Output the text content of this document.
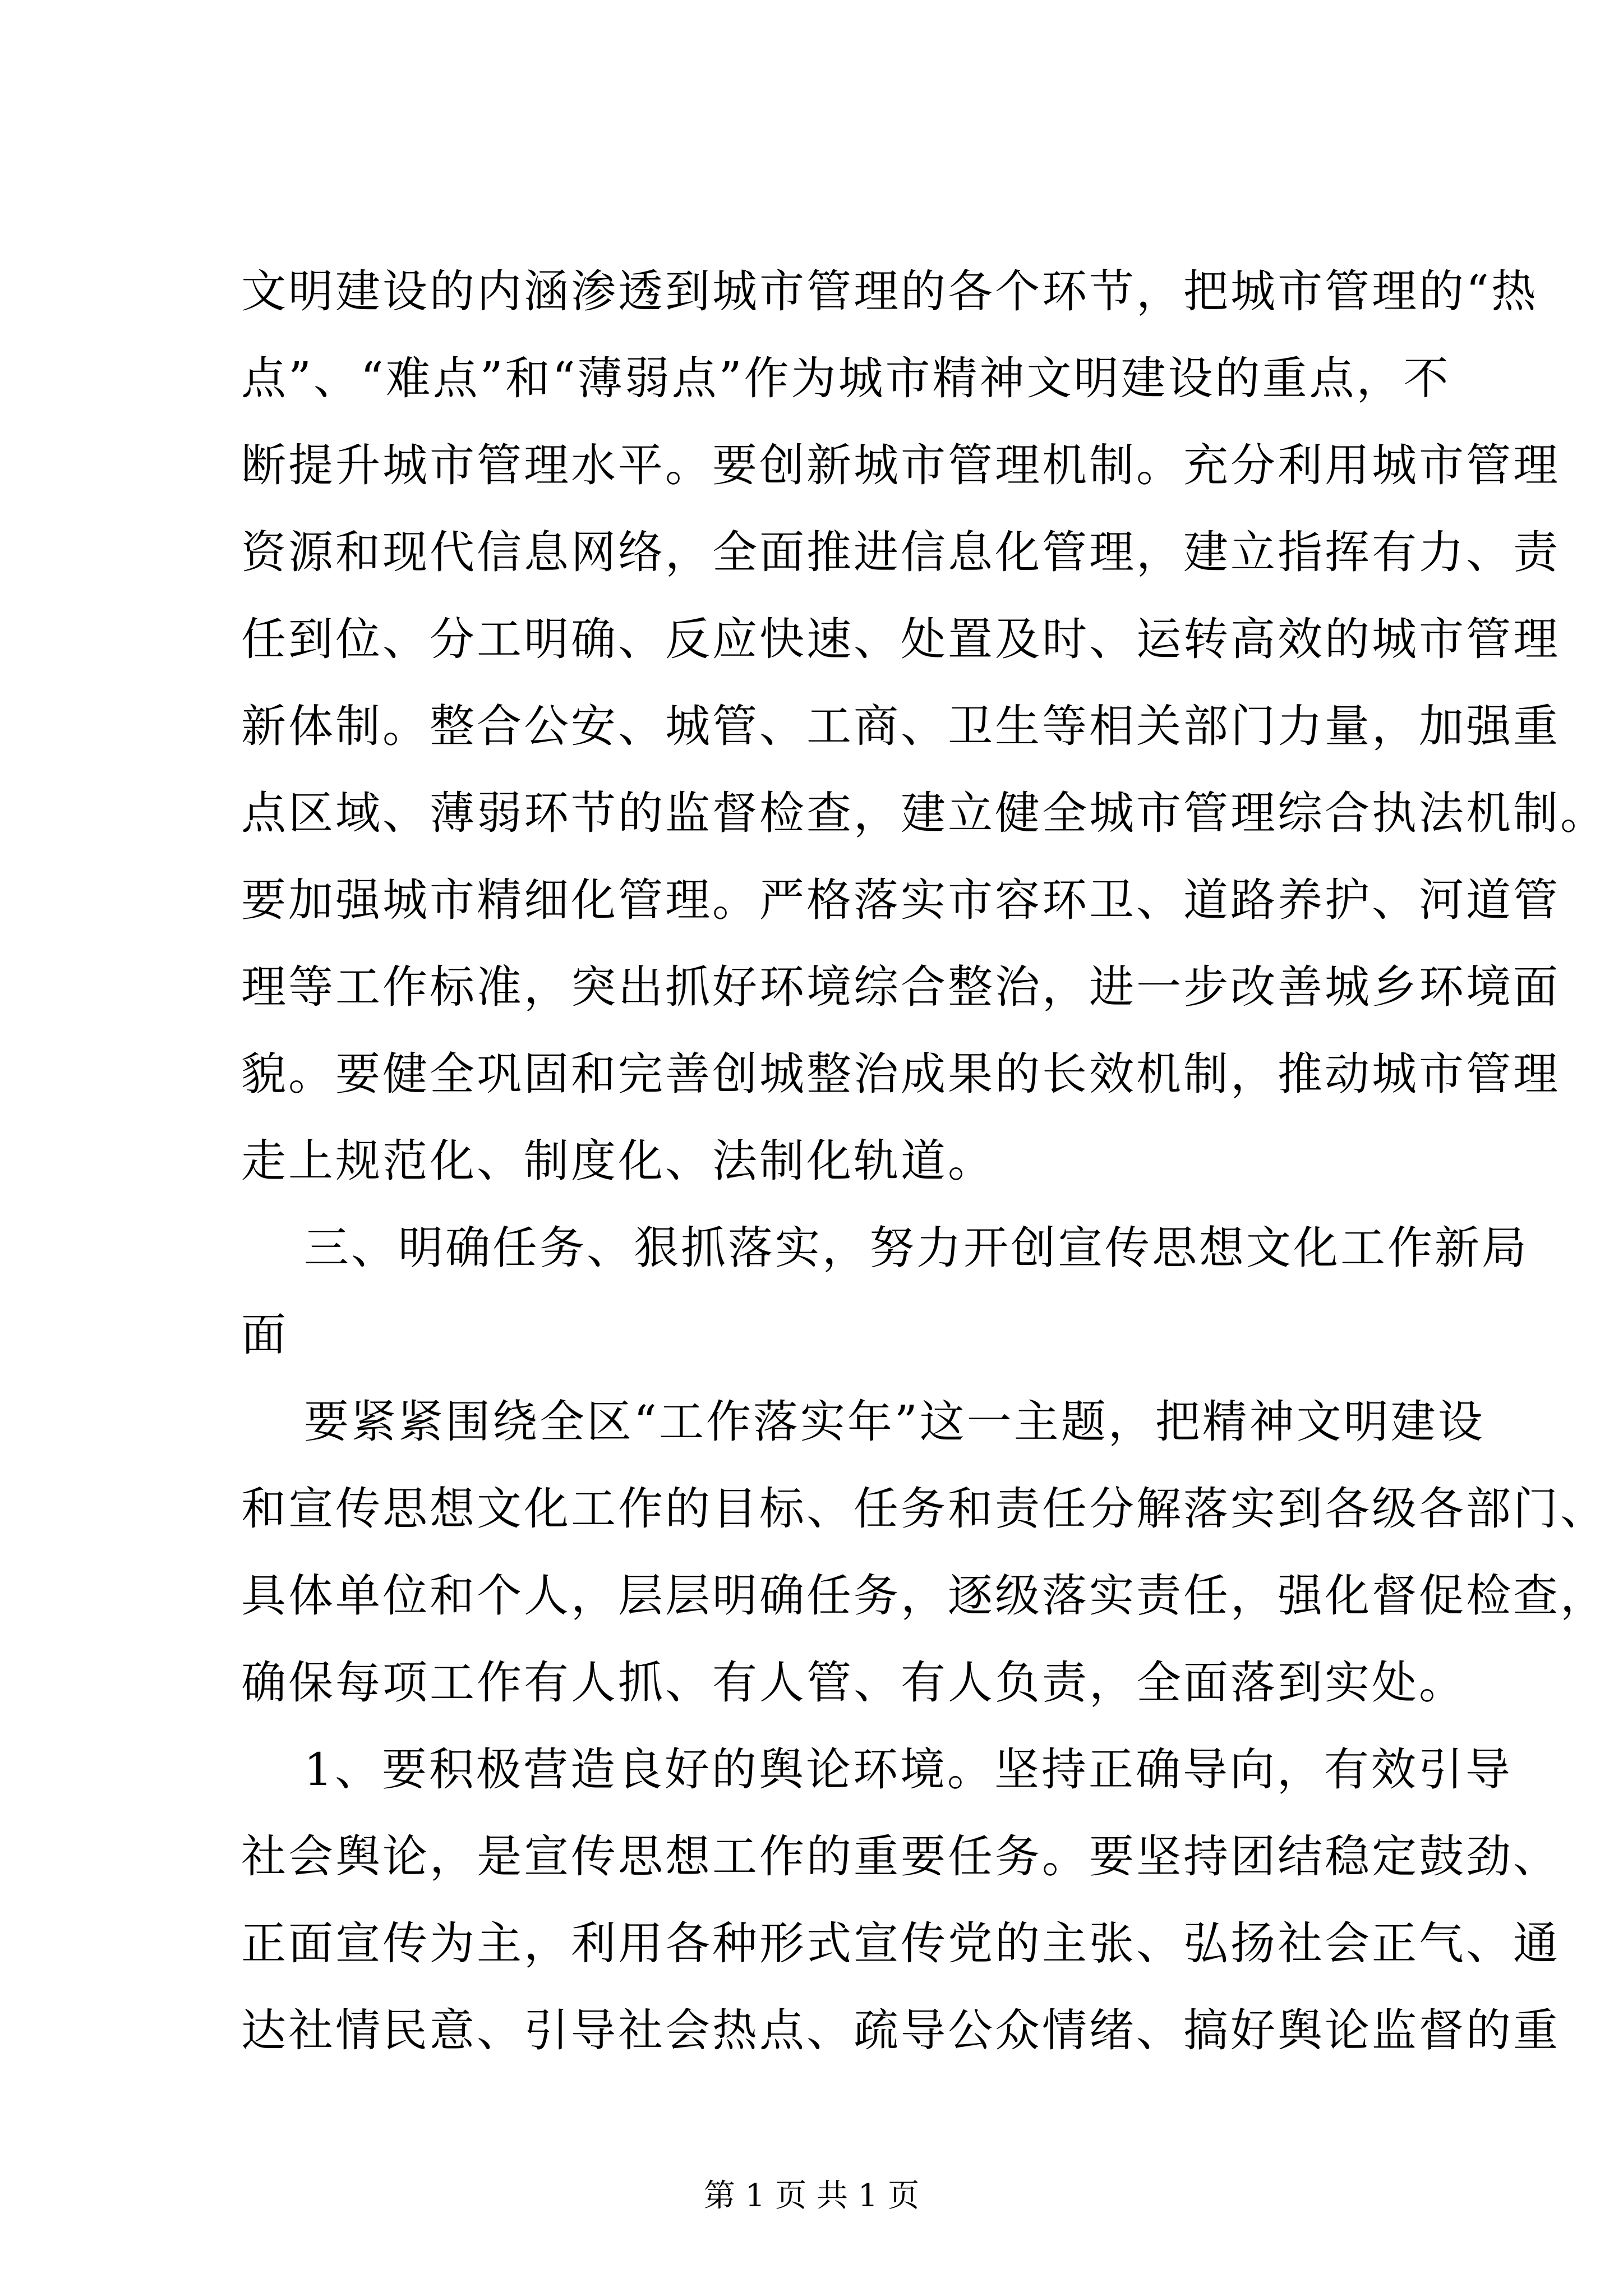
文明建设的内涵渗透到城市管理的各个环节，把城市管理的“热
点”、“难点”和“薄弱点”作为城市精神文明建设的重点，不
断提升城市管理水平。要创新城市管理机制。充分利用城市管理
资源和现代信息网络，全面推进信息化管理，建立指挥有力、责
任到位、分工明确、反应快速、处置及时、运转高效的城市管理
新体制。整合公安、城管、工商、卫生等相关部门力量，加强重
点区域、薄弱环节的监督检查，建立健全城市管理综合执法机制。
要加强城市精细化管理。严格落实市容环卫、道路养护、河道管
理等工作标准，突出抓好环境综合整治，进一步改善城乡环境面
貌。要健全巩固和完善创城整治成果的长效机制，推动城市管理
走上规范化、制度化、法制化轨道。
三、明确任务、狠抓落实，努力开创宣传思想文化工作新局
面
要紧紧围绕全区“工作落实年”这一主题，把精神文明建设
和宣传思想文化工作的目标、任务和责任分解落实到各级各部门、
具体单位和个人，层层明确任务，逐级落实责任，强化督促检查，
确保每项工作有人抓、有人管、有人负责，全面落到实处。
1、要积极营造良好的舆论环境。坚持正确导向，有效引导
社会舆论，是宣传思想工作的重要任务。要坚持团结稳定鼓劲、
正面宣传为主，利用各种形式宣传党的主张、弘扬社会正气、通
达社情民意、引导社会热点、疏导公众情绪、搞好舆论监督的重
第 1 页 共 1 页
